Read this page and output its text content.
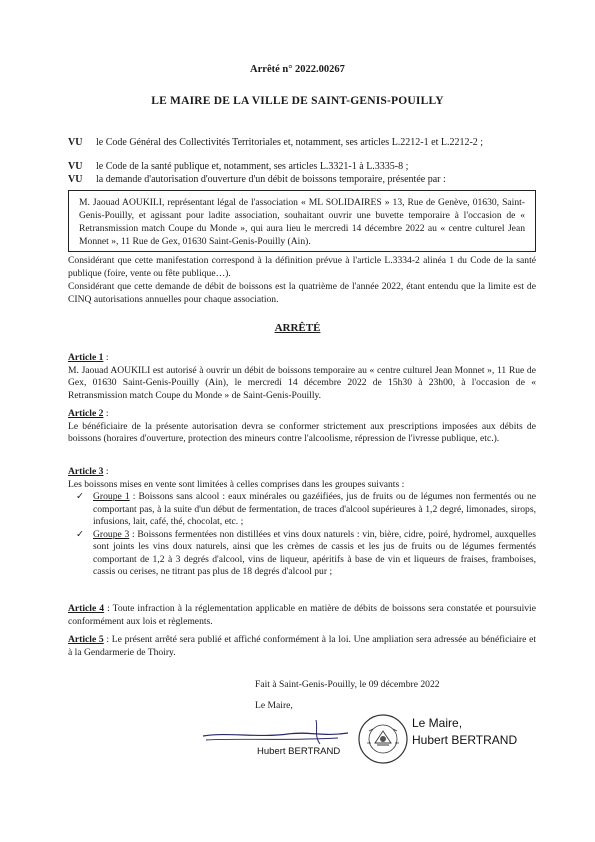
Arrêté n° 2022.00267
LE MAIRE DE LA VILLE DE SAINT-GENIS-POUILLY
VU le Code Général des Collectivités Territoriales et, notamment, ses articles L.2212-1 et L.2212-2 ;
VU le Code de la santé publique et, notamment, ses articles L.3321-1 à L.3335-8 ;
VU la demande d'autorisation d'ouverture d'un débit de boissons temporaire, présentée par :
M. Jaouad AOUKILI, représentant légal de l'association « ML SOLIDAIRES » 13, Rue de Genève, 01630, Saint-Genis-Pouilly, et agissant pour ladite association, souhaitant ouvrir une buvette temporaire à l'occasion de « Retransmission match Coupe du Monde », qui aura lieu le mercredi 14 décembre 2022 au « centre culturel Jean Monnet », 11 Rue de Gex, 01630 Saint-Genis-Pouilly (Ain).
Considérant que cette manifestation correspond à la définition prévue à l'article L.3334-2 alinéa 1 du Code de la santé publique (foire, vente ou fête publique…).
Considérant que cette demande de débit de boissons est la quatrième de l'année 2022, étant entendu que la limite est de CINQ autorisations annuelles pour chaque association.
ARRÊTÉ
Article 1 :
M. Jaouad AOUKILI est autorisé à ouvrir un débit de boissons temporaire au « centre culturel Jean Monnet », 11 Rue de Gex, 01630 Saint-Genis-Pouilly (Ain), le mercredi 14 décembre 2022 de 15h30 à 23h00, à l'occasion de « Retransmission match Coupe du Monde » de Saint-Genis-Pouilly.
Article 2 :
Le bénéficiaire de la présente autorisation devra se conformer strictement aux prescriptions imposées aux débits de boissons (horaires d'ouverture, protection des mineurs contre l'alcoolisme, répression de l'ivresse publique, etc.).
Article 3 :
Les boissons mises en vente sont limitées à celles comprises dans les groupes suivants :
✓ Groupe 1 : Boissons sans alcool : eaux minérales ou gazéifiées, jus de fruits ou de légumes non fermentés ou ne comportant pas, à la suite d'un début de fermentation, de traces d'alcool supérieures à 1,2 degré, limonades, sirops, infusions, lait, café, thé, chocolat, etc. ;
✓ Groupe 3 : Boissons fermentées non distillées et vins doux naturels : vin, bière, cidre, poiré, hydromel, auxquelles sont joints les vins doux naturels, ainsi que les crèmes de cassis et les jus de fruits ou de légumes fermentés comportant de 1,2 à 3 degrés d'alcool, vins de liqueur, apéritifs à base de vin et liqueurs de fraises, framboises, cassis ou cerises, ne titrant pas plus de 18 degrés d'alcool pur ;
Article 4 : Toute infraction à la réglementation applicable en matière de débits de boissons sera constatée et poursuivie conformément aux lois et règlements.
Article 5 : Le présent arrêté sera publié et affiché conformément à la loi. Une ampliation sera adressée au bénéficiaire et à la Gendarmerie de Thoiry.
Fait à Saint-Genis-Pouilly, le 09 décembre 2022
Le Maire,
Hubert BERTRAND
Le Maire,
Hubert BERTRAND
